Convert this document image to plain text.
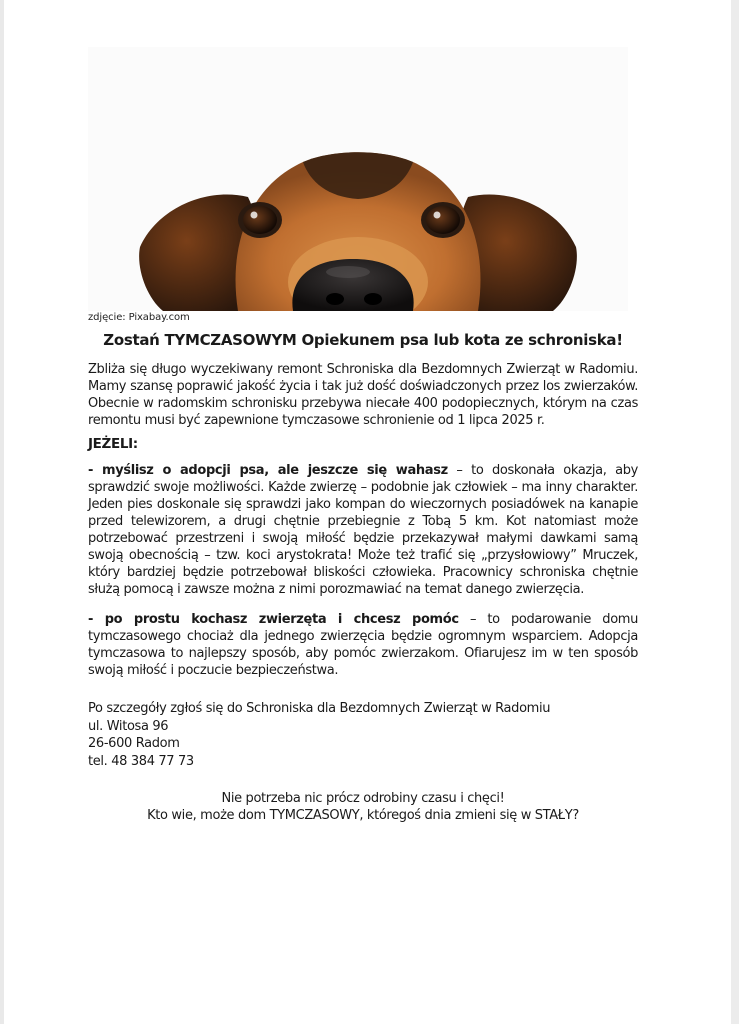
zdjęcie: Pixabay.com
Zostań TYMCZASOWYM Opiekunem psa lub kota ze schroniska!

Zbliża się długo wyczekiwany remont Schroniska dla Bezdomnych Zwierząt w Radomiu. Mamy szansę poprawić jakość życia i tak już dość doświadczonych przez los zwierzaków. Obecnie w radomskim schronisku przebywa niecałe 400 podopiecznych, którym na czas remontu musi być zapewnione tymczasowe schronienie od 1 lipca 2025 r.

JEŻELI:

- myślisz o adopcji psa, ale jeszcze się wahasz – to doskonała okazja, aby sprawdzić swoje możliwości. Każde zwierzę – podobnie jak człowiek – ma inny charakter. Jeden pies doskonale się sprawdzi jako kompan do wieczornych posiadówek na kanapie przed telewizorem, a drugi chętnie przebiegnie z Tobą 5 km. Kot natomiast może potrzebować przestrzeni i swoją miłość będzie przekazywał małymi dawkami samą swoją obecnością – tzw. koci arystokrata! Może też trafić się „przysłowiowy” Mruczek, który bardziej będzie potrzebował bliskości człowieka. Pracownicy schroniska chętnie służą pomocą i zawsze można z nimi porozmawiać na temat danego zwierzęcia.

- po prostu kochasz zwierzęta i chcesz pomóc – to podarowanie domu tymczasowego chociaż dla jednego zwierzęcia będzie ogromnym wsparciem. Adopcja tymczasowa to najlepszy sposób, aby pomóc zwierzakom. Ofiarujesz im w ten sposób swoją miłość i poczucie bezpieczeństwa.

Po szczegóły zgłoś się do Schroniska dla Bezdomnych Zwierząt w Radomiu
ul. Witosa 96
26-600 Radom
tel. 48 384 77 73
Nie potrzeba nic prócz odrobiny czasu i chęci!
Kto wie, może dom TYMCZASOWY, któregoś dnia zmieni się w STAŁY?
